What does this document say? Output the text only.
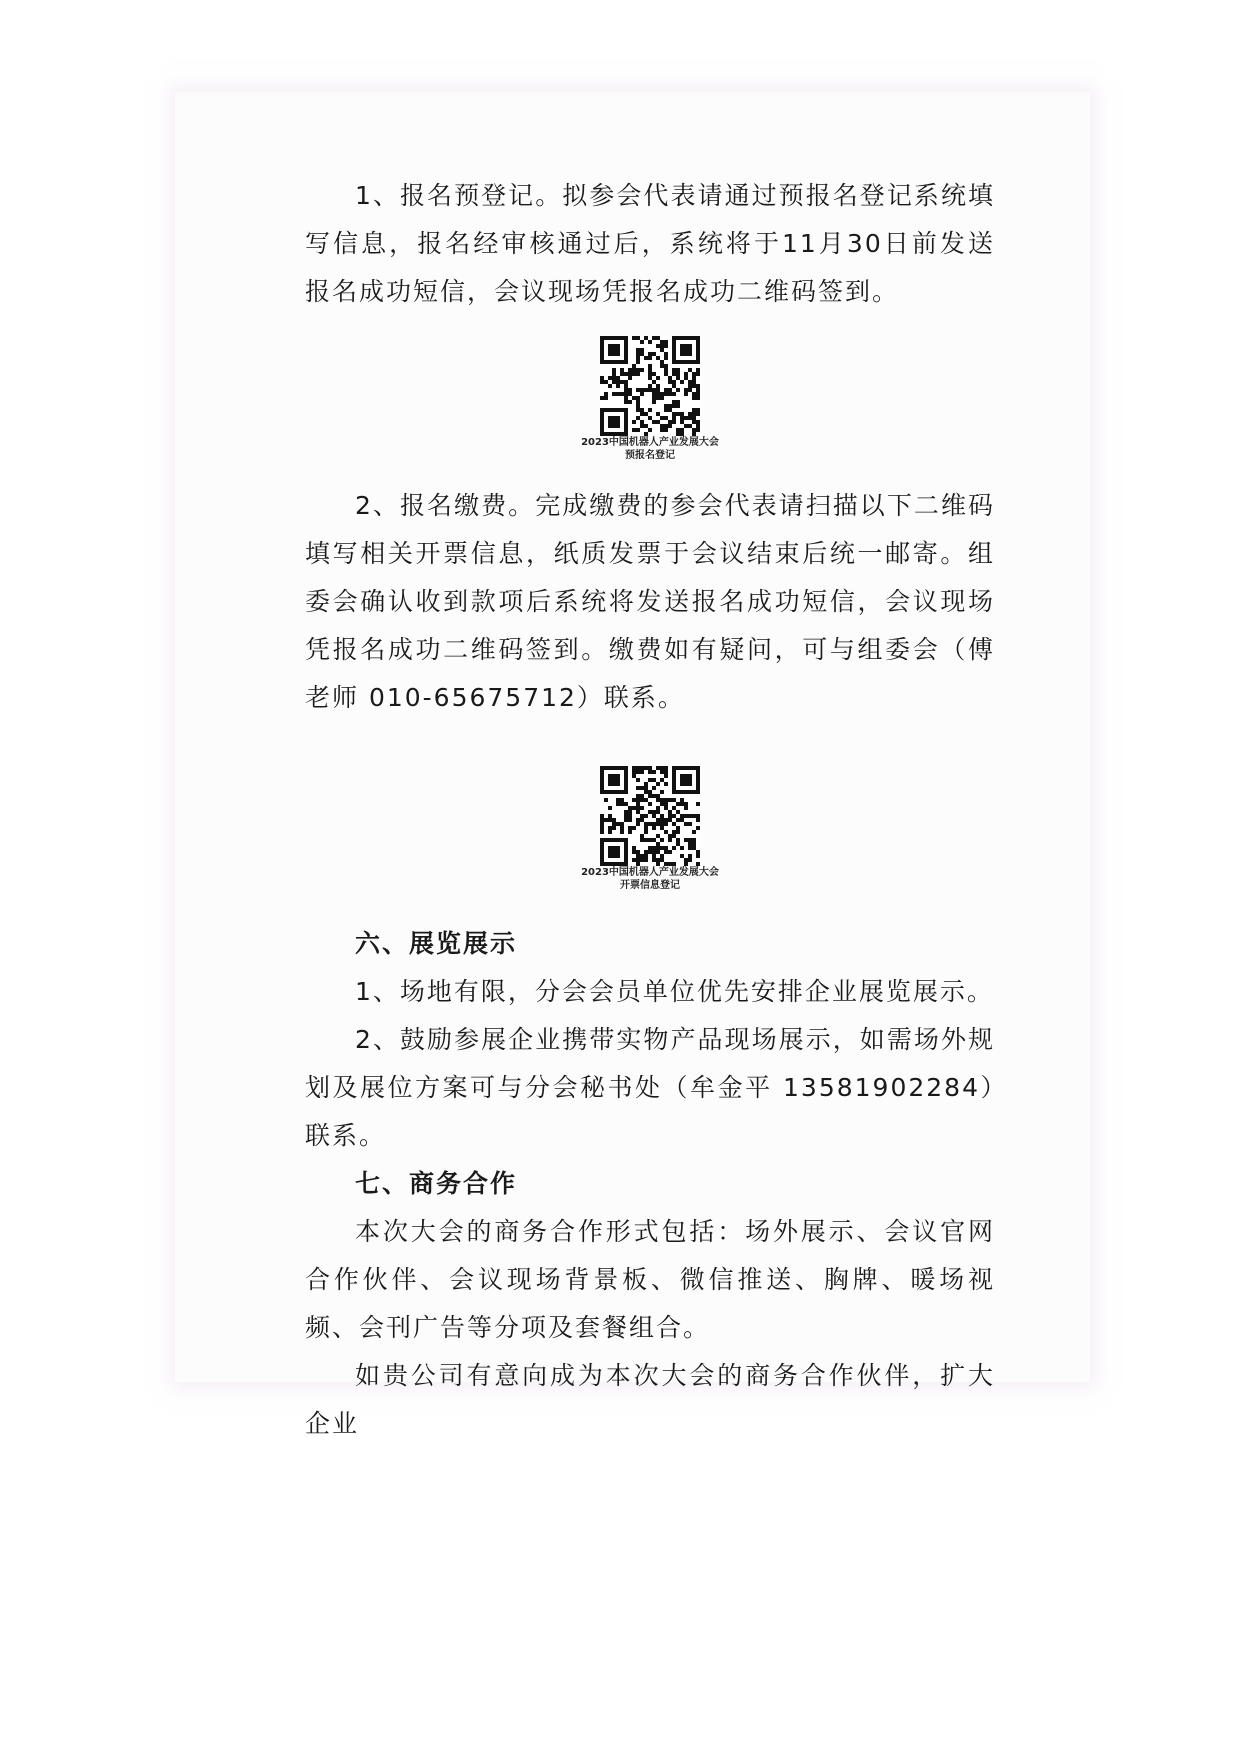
1、报名预登记。拟参会代表请通过预报名登记系统填写信息，报名经审核通过后，系统将于11月30日前发送报名成功短信，会议现场凭报名成功二维码签到。

2023中国机器人产业发展大会
预报名登记

2、报名缴费。完成缴费的参会代表请扫描以下二维码填写相关开票信息，纸质发票于会议结束后统一邮寄。组委会确认收到款项后系统将发送报名成功短信，会议现场凭报名成功二维码签到。缴费如有疑问，可与组委会（傅老师 010-65675712）联系。

2023中国机器人产业发展大会
开票信息登记

六、展览展示

1、场地有限，分会会员单位优先安排企业展览展示。

2、鼓励参展企业携带实物产品现场展示，如需场外规划及展位方案可与分会秘书处（牟金平 13581902284）联系。

七、商务合作

本次大会的商务合作形式包括：场外展示、会议官网合作伙伴、会议现场背景板、微信推送、胸牌、暖场视频、会刊广告等分项及套餐组合。

如贵公司有意向成为本次大会的商务合作伙伴，扩大企业
